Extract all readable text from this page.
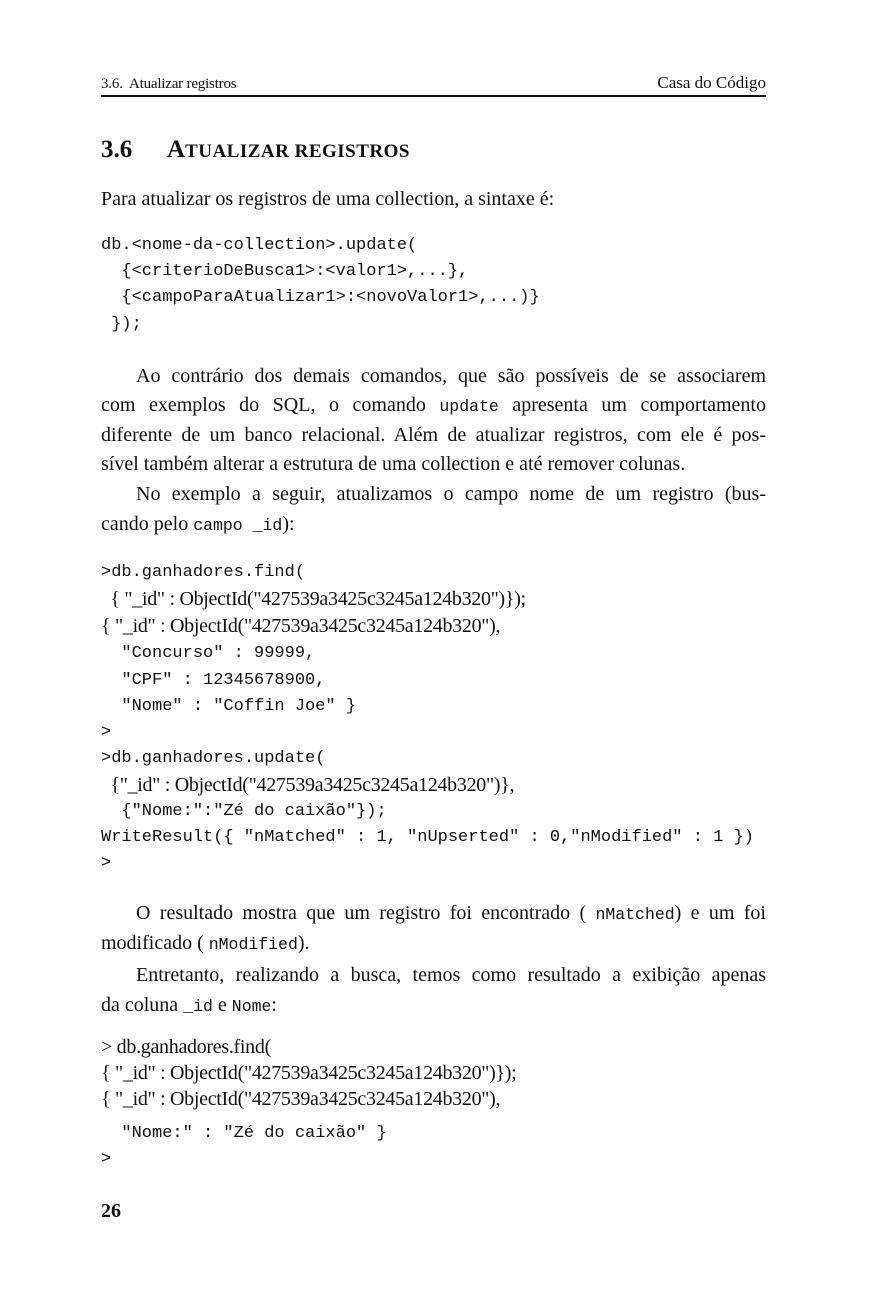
3.6.  Atualizar registros	Casa do Código
3.6 ATUALIZAR REGISTROS
Para atualizar os registros de uma collection, a sintaxe é:
db.<nome-da-collection>.update(
{<criterioDeBusca1>:<valor1>,...},
{<campoParaAtualizar1>:<novoValor1>,...)}
});
Ao contrário dos demais comandos, que são possíveis de se associarem
com exemplos do SQL, o comando update apresenta um comportamento
diferente de um banco relacional. Além de atualizar registros, com ele é pos-
sível também alterar a estrutura de uma collection e até remover colunas.
No exemplo a seguir, atualizamos o campo nome de um registro (bus-
cando pelo campo _id):
>db.ganhadores.find(
{ "_id" : ObjectId("427539a3425c3245a124b320")});
{ "_id" : ObjectId("427539a3425c3245a124b320"),
"Concurso" : 99999,
"CPF" : 12345678900,
"Nome" : "Coffin Joe" }
>
>db.ganhadores.update(
{"_id" : ObjectId("427539a3425c3245a124b320")},
{"Nome:":"Zé do caixão"});
WriteResult({ "nMatched" : 1, "nUpserted" : 0,"nModified" : 1 })
>
O resultado mostra que um registro foi encontrado ( nMatched) e um foi
modificado ( nModified).
Entretanto, realizando a busca, temos como resultado a exibição apenas
da coluna _id e Nome:
> db.ganhadores.find(
{ "_id" : ObjectId("427539a3425c3245a124b320")});
{ "_id" : ObjectId("427539a3425c3245a124b320"),
"Nome:" : "Zé do caixão" }
>
26
